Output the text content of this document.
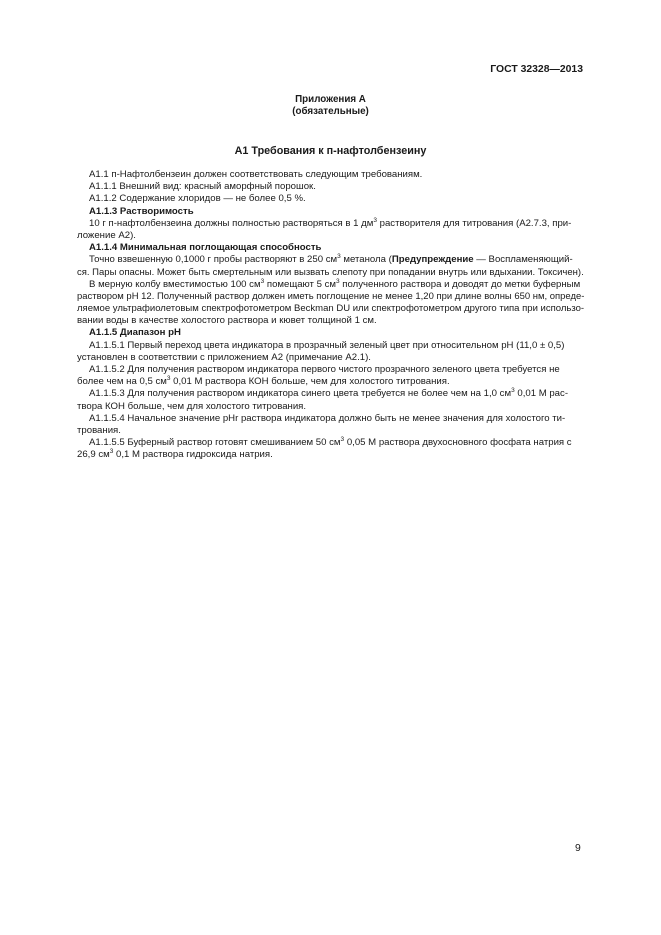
ГОСТ 32328—2013
Приложения А
(обязательные)
А1 Требования к п-нафтолбензеину
А1.1 п-Нафтолбензеин должен соответствовать следующим требованиям.
А1.1.1 Внешний вид: красный аморфный порошок.
А1.1.2 Содержание хлоридов — не более 0,5 %.
А1.1.3 Растворимость
10 г п-нафтолбензеина должны полностью растворяться в 1 $дм^3$ растворителя для титрования (А2.7.3, при-
ложение А2).
А1.1.4 Минимальная поглощающая способность
Точно взвешенную 0,1000 г пробы растворяют в 250 $см^3$ метанола (Предупреждение — Воспламеняющий-
ся. Пары опасны. Может быть смертельным или вызвать слепоту при попадании внутрь или вдыхании. Токсичен).
В мерную колбу вместимостью 100 $см^3$ помещают 5 $см^3$ полученного раствора и доводят до метки буферным
раствором рН 12. Полученный раствор должен иметь поглощение не менее 1,20 при длине волны 650 нм, опреде-
ляемое ультрафиолетовым спектрофотометром Beckman DU или спектрофотометром другого типа при использо-
вании воды в качестве холостого раствора и кювет толщиной 1 см.
А1.1.5 Диапазон рН
А1.1.5.1 Первый переход цвета индикатора в прозрачный зеленый цвет при относительном рН (11,0 ± 0,5)
установлен в соответствии с приложением А2 (примечание А2.1).
А1.1.5.2 Для получения раствором индикатора первого чистого прозрачного зеленого цвета требуется не
более чем на 0,5 $см^3$ 0,01 М раствора КОН больше, чем для холостого титрования.
А1.1.5.3 Для получения раствором индикатора синего цвета требуется не более чем на 1,0 $см^3$ 0,01 М рас-
твора КОН больше, чем для холостого титрования.
А1.1.5.4 Начальное значение рНr раствора индикатора должно быть не менее значения для холостого ти-
трования.
А1.1.5.5 Буферный раствор готовят смешиванием 50 $см^3$ 0,05 М раствора двухосновного фосфата натрия с
26,9 $см^3$ 0,1 М раствора гидроксида натрия.
9
